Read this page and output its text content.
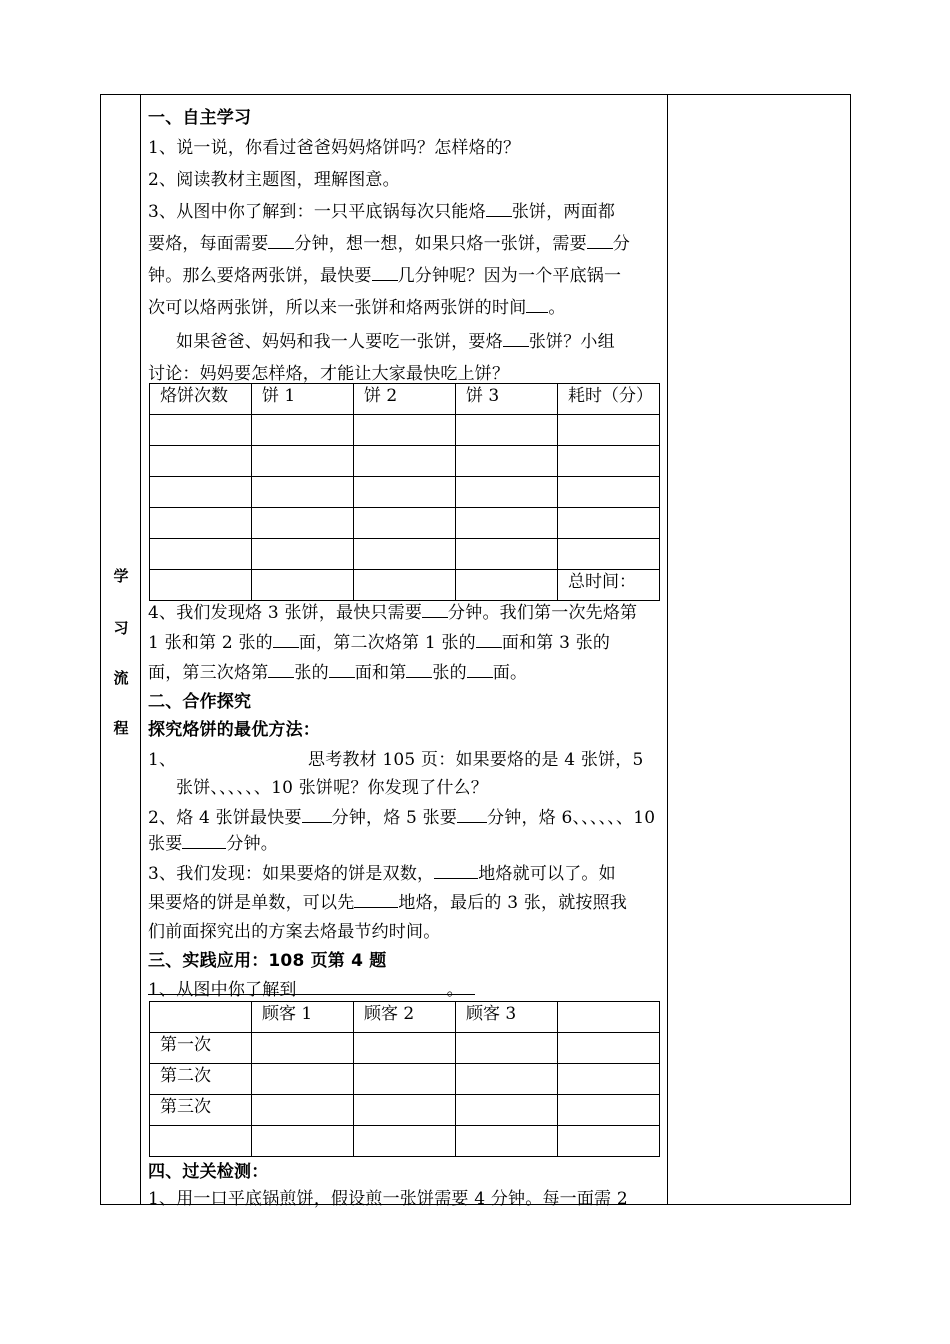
学
习
流
程
一、自主学习
1、说一说，你看过爸爸妈妈烙饼吗？怎样烙的？
2、阅读教材主题图，理解图意。
3、从图中你了解到：一只平底锅每次只能烙 张饼，两面都
要烙，每面需要 分钟，想一想，如果只烙一张饼，需要 分
钟。那么要烙两张饼，最快要 几分钟呢？因为一个平底锅一
次可以烙两张饼，所以来一张饼和烙两张饼的时间 。
如果爸爸、妈妈和我一人要吃一张饼，要烙 张饼？小组
讨论：妈妈要怎样烙，才能让大家最快吃上饼？
烙饼次数	饼 1	饼 2	饼 3	耗时（分）

				总时间：
4、我们发现烙 3 张饼，最快只需要 分钟。我们第一次先烙第
1 张和第 2 张的 面，第二次烙第 1 张的 面和第 3 张的
面，第三次烙第 张的 面和第 张的 面。
二、合作探究
探究烙饼的最优方法：
1、	思考教材 105 页：如果要烙的是 4 张饼，5
张饼、、、、、、10 张饼呢？你发现了什么？
2、烙 4 张饼最快要 分钟，烙 5 张要 分钟，烙 6、、、、、、10
张要	分钟。
3、我们发现：如果要烙的饼是双数，	地烙就可以了。如
果要烙的饼是单数，可以先	地烙，最后的 3 张，就按照我
们前面探究出的方案去烙最节约时间。
三、实践应用：108 页第 4 题
1、从图中你了解到	。
	顾客 1	顾客 2	顾客 3	
第一次				
第二次				
第三次				

四、过关检测：
1、用一口平底锅煎饼，假设煎一张饼需要 4 分钟。每一面需 2
